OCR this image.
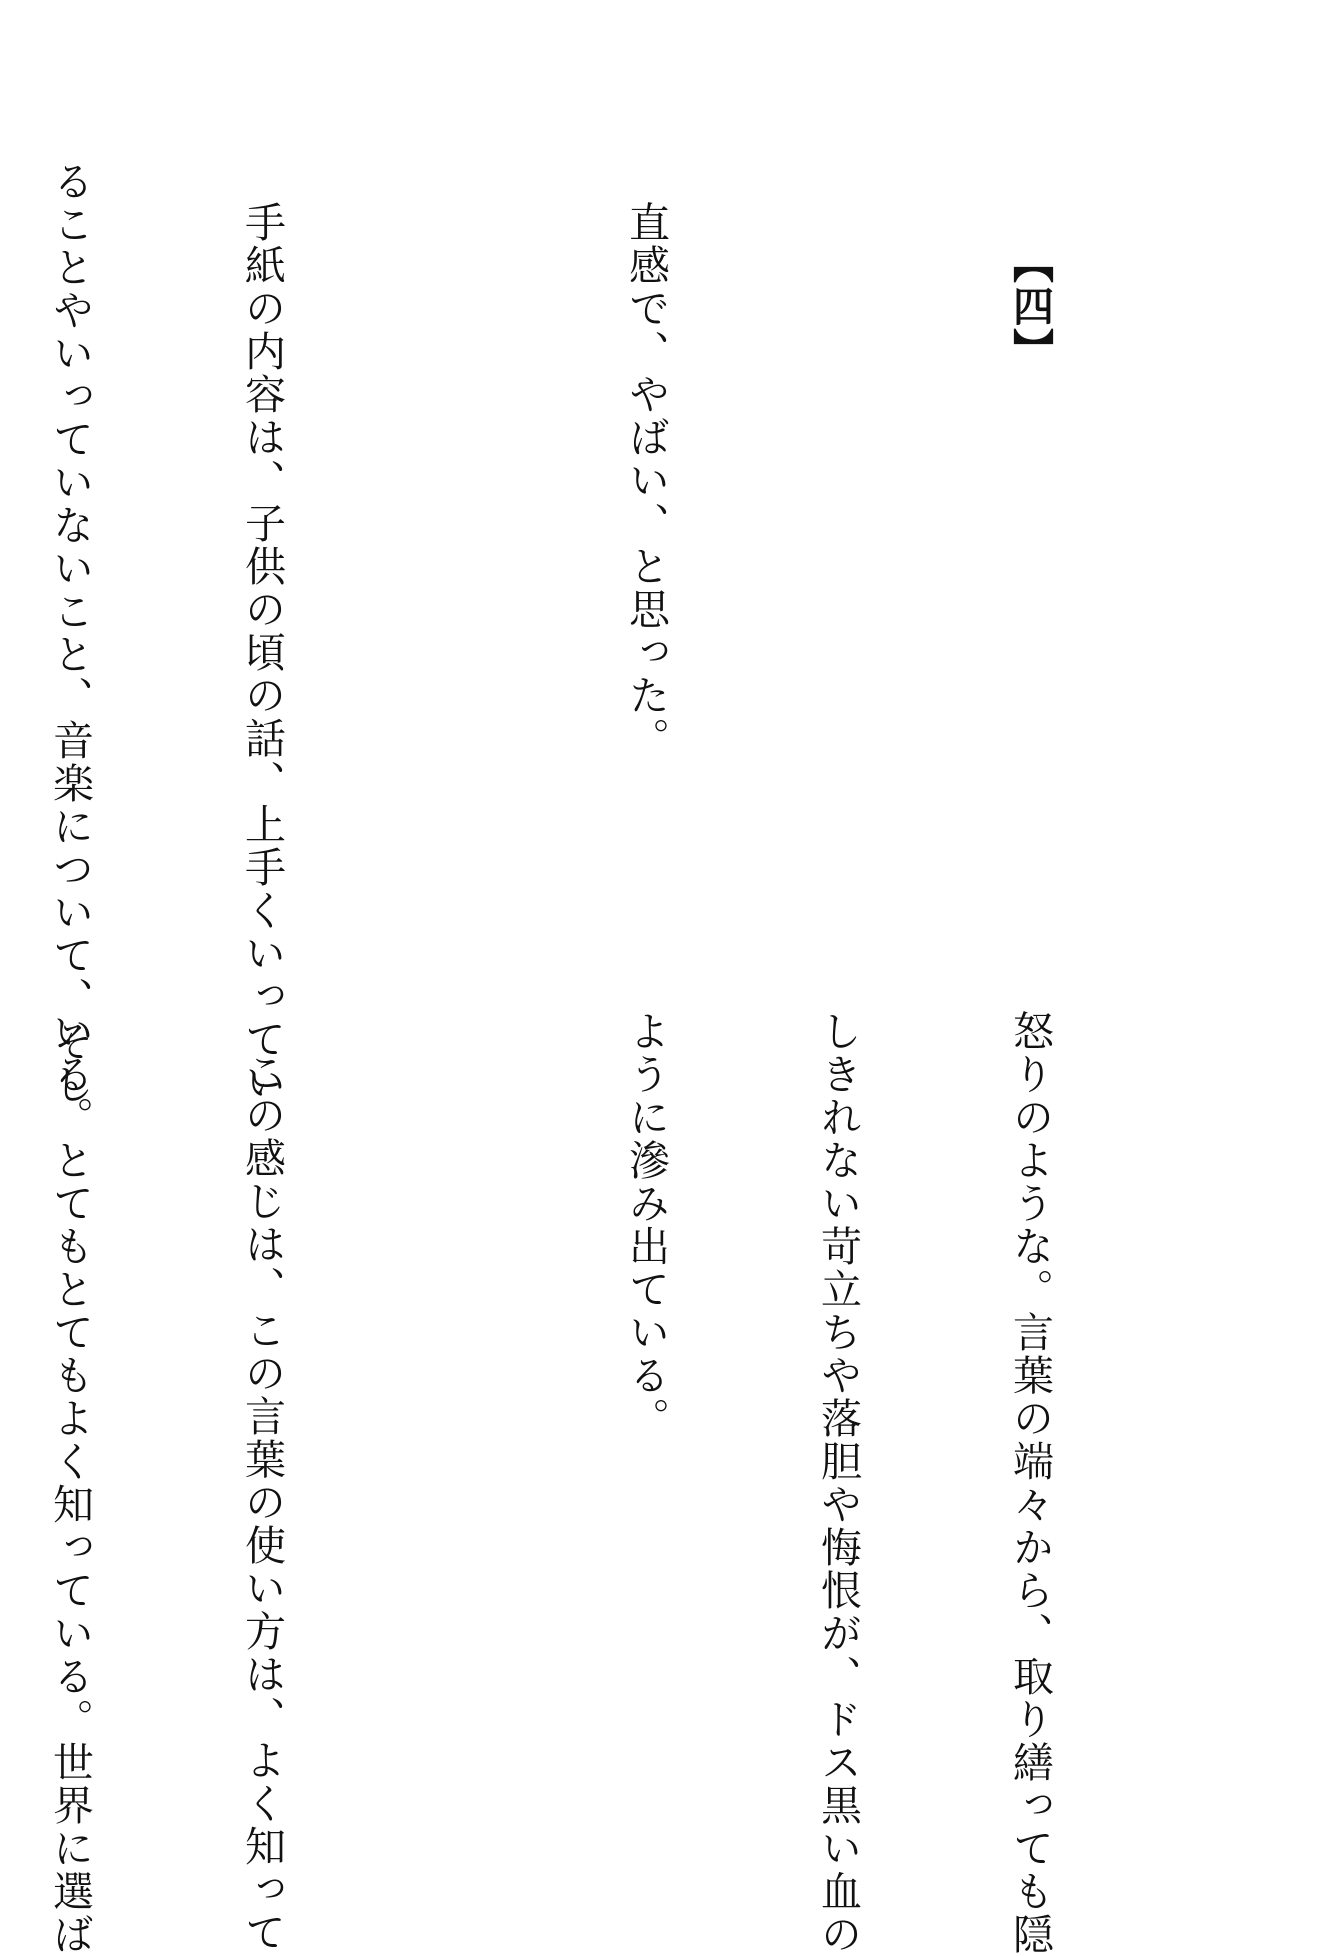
【四】

直感で、やばい、と思った。

手紙の内容は、子供の頃の話、上手くいってい

ることやいっていないこと、音楽について、そし

怒りのような。言葉の端々から、取り繕っても隠

しきれない苛立ちや落胆や悔恨が、ドス黒い血の

ように滲み出ている。

この感じは、この言葉の使い方は、よく知って

いる。とてもとてもよく知っている。世界に選ば
